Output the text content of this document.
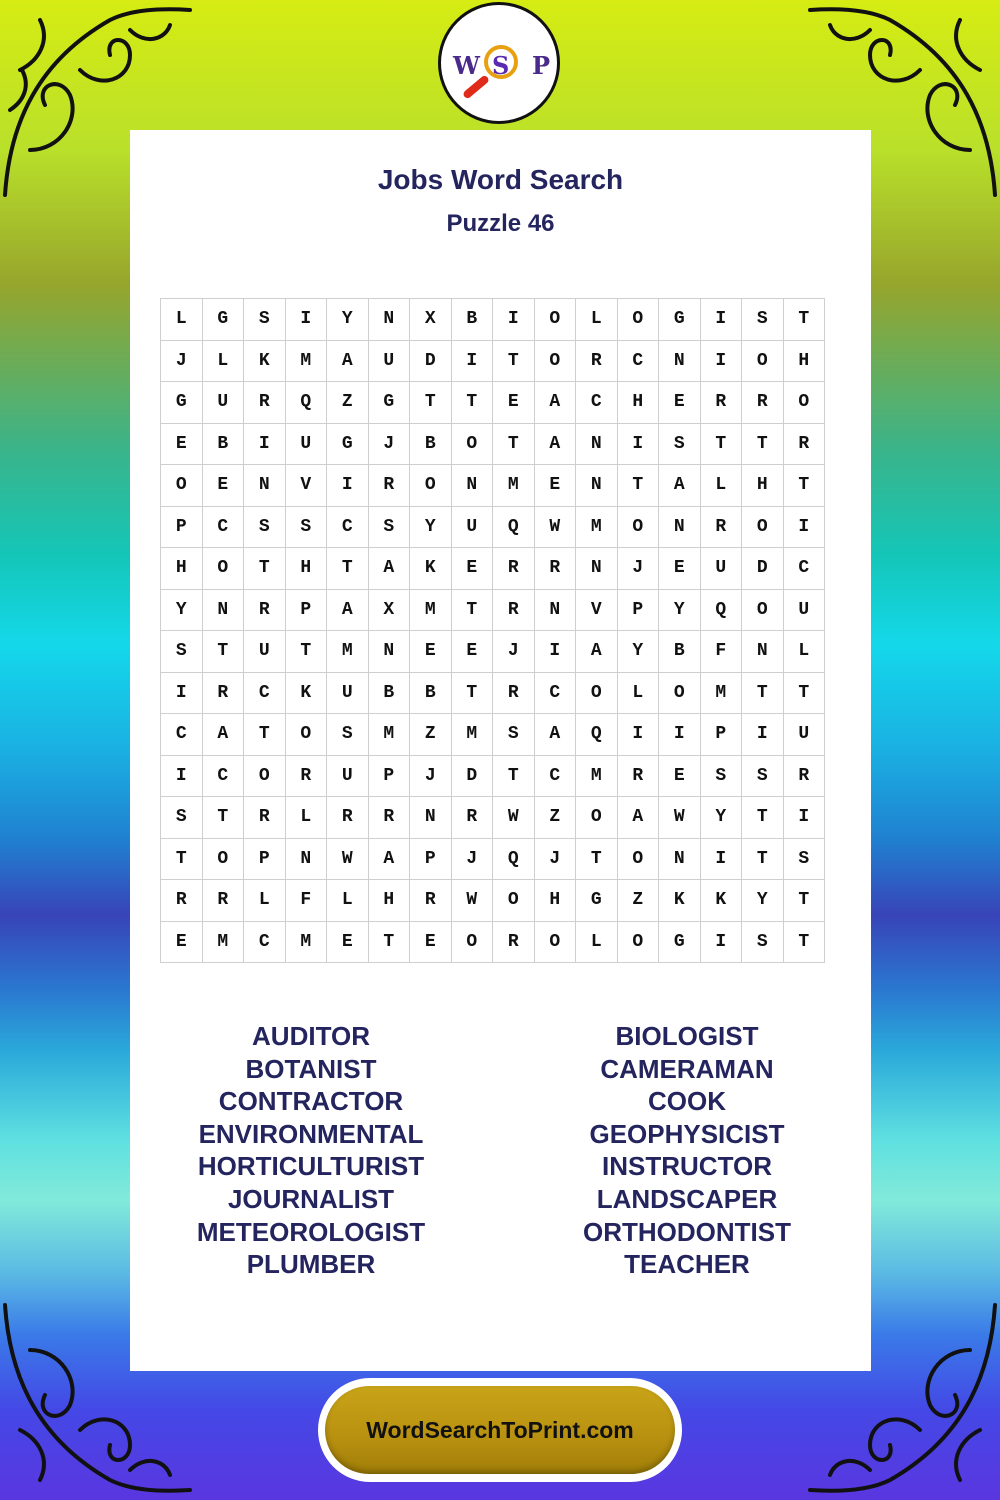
W S P
Jobs Word Search
Puzzle 46
L	G	S	I	Y	N	X	B	I	O	L	O	G	I	S	T
J	L	K	M	A	U	D	I	T	O	R	C	N	I	O	H
G	U	R	Q	Z	G	T	T	E	A	C	H	E	R	R	O
E	B	I	U	G	J	B	O	T	A	N	I	S	T	T	R
O	E	N	V	I	R	O	N	M	E	N	T	A	L	H	T
P	C	S	S	C	S	Y	U	Q	W	M	O	N	R	O	I
H	O	T	H	T	A	K	E	R	R	N	J	E	U	D	C
Y	N	R	P	A	X	M	T	R	N	V	P	Y	Q	O	U
S	T	U	T	M	N	E	E	J	I	A	Y	B	F	N	L
I	R	C	K	U	B	B	T	R	C	O	L	O	M	T	T
C	A	T	O	S	M	Z	M	S	A	Q	I	I	P	I	U
I	C	O	R	U	P	J	D	T	C	M	R	E	S	S	R
S	T	R	L	R	R	N	R	W	Z	O	A	W	Y	T	I
T	O	P	N	W	A	P	J	Q	J	T	O	N	I	T	S
R	R	L	F	L	H	R	W	O	H	G	Z	K	K	Y	T
E	M	C	M	E	T	E	O	R	O	L	O	G	I	S	T
AUDITOR
BOTANIST
CONTRACTOR
ENVIRONMENTAL
HORTICULTURIST
JOURNALIST
METEOROLOGIST
PLUMBER
BIOLOGIST
CAMERAMAN
COOK
GEOPHYSICIST
INSTRUCTOR
LANDSCAPER
ORTHODONTIST
TEACHER
WordSearchToPrint.com
